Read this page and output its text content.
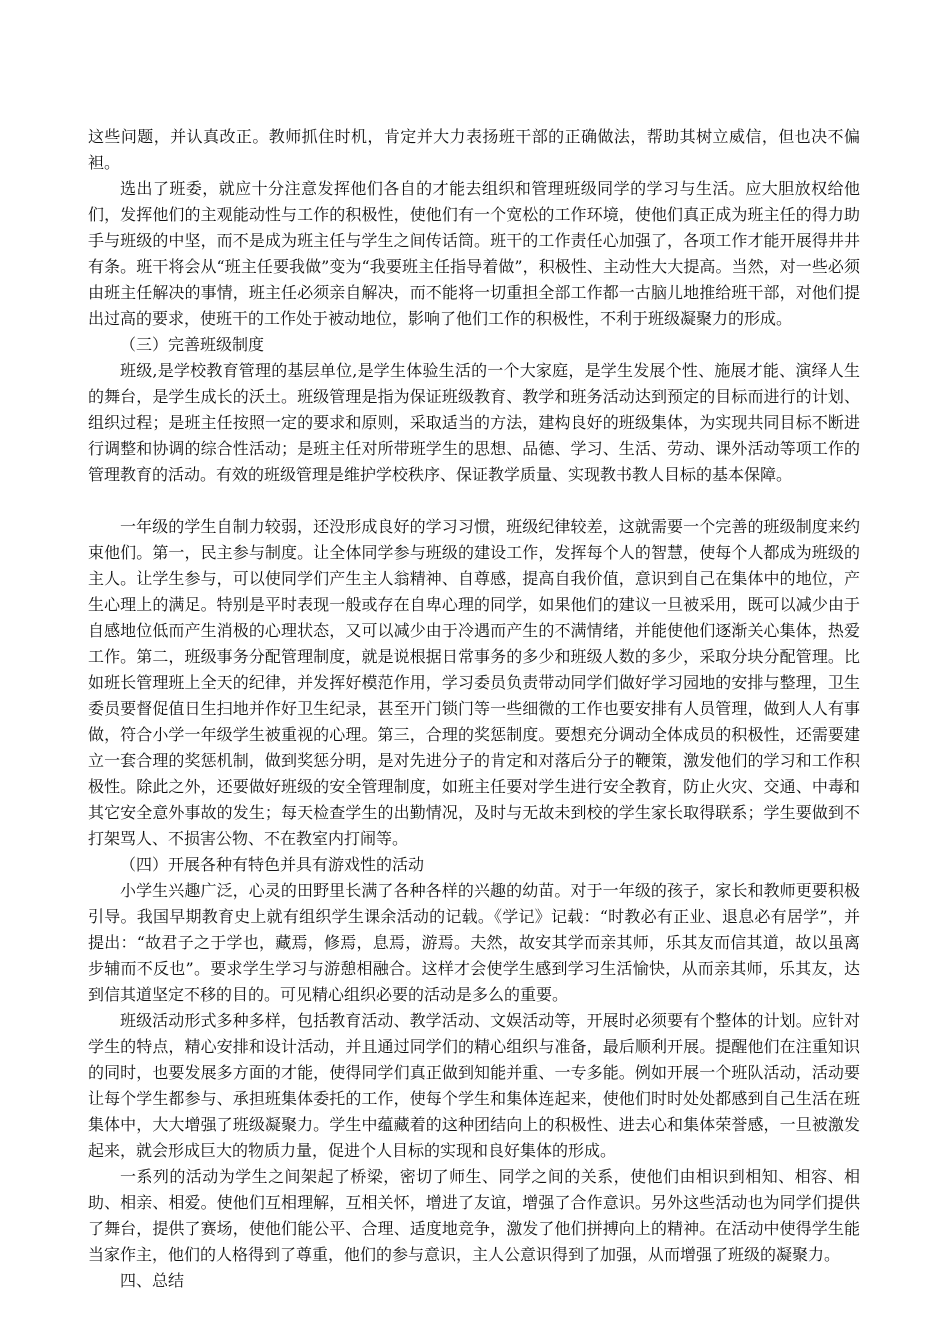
这些问题，并认真改正。教师抓住时机，肯定并大力表扬班干部的正确做法，帮助其树立威信，但也决不偏袒。

选出了班委，就应十分注意发挥他们各自的才能去组织和管理班级同学的学习与生活。应大胆放权给他们，发挥他们的主观能动性与工作的积极性，使他们有一个宽松的工作环境，使他们真正成为班主任的得力助手与班级的中坚，而不是成为班主任与学生之间传话筒。班干的工作责任心加强了，各项工作才能开展得井井有条。班干将会从“班主任要我做”变为“我要班主任指导着做”，积极性、主动性大大提高。当然，对一些必须由班主任解决的事情，班主任必须亲自解决，而不能将一切重担全部工作都一古脑儿地推给班干部，对他们提出过高的要求，使班干的工作处于被动地位，影响了他们工作的积极性，不利于班级凝聚力的形成。

（三）完善班级制度

班级,是学校教育管理的基层单位,是学生体验生活的一个大家庭，是学生发展个性、施展才能、演绎人生的舞台，是学生成长的沃土。班级管理是指为保证班级教育、教学和班务活动达到预定的目标而进行的计划、组织过程；是班主任按照一定的要求和原则，采取适当的方法，建构良好的班级集体，为实现共同目标不断进行调整和协调的综合性活动；是班主任对所带班学生的思想、品德、学习、生活、劳动、课外活动等项工作的管理教育的活动。有效的班级管理是维护学校秩序、保证教学质量、实现教书教人目标的基本保障。

一年级的学生自制力较弱，还没形成良好的学习习惯，班级纪律较差，这就需要一个完善的班级制度来约束他们。第一，民主参与制度。让全体同学参与班级的建设工作，发挥每个人的智慧，使每个人都成为班级的主人。让学生参与，可以使同学们产生主人翁精神、自尊感，提高自我价值，意识到自己在集体中的地位，产生心理上的满足。特别是平时表现一般或存在自卑心理的同学，如果他们的建议一旦被采用，既可以减少由于自感地位低而产生消极的心理状态，又可以减少由于冷遇而产生的不满情绪，并能使他们逐渐关心集体，热爱工作。第二，班级事务分配管理制度，就是说根据日常事务的多少和班级人数的多少，采取分块分配管理。比如班长管理班上全天的纪律，并发挥好模范作用，学习委员负责带动同学们做好学习园地的安排与整理，卫生委员要督促值日生扫地并作好卫生纪录，甚至开门锁门等一些细微的工作也要安排有人员管理，做到人人有事做，符合小学一年级学生被重视的心理。第三，合理的奖惩制度。要想充分调动全体成员的积极性，还需要建立一套合理的奖惩机制，做到奖惩分明，是对先进分子的肯定和对落后分子的鞭策，激发他们的学习和工作积极性。除此之外，还要做好班级的安全管理制度，如班主任要对学生进行安全教育，防止火灾、交通、中毒和其它安全意外事故的发生；每天检查学生的出勤情况，及时与无故未到校的学生家长取得联系；学生要做到不打架骂人、不损害公物、不在教室内打闹等。

（四）开展各种有特色并具有游戏性的活动

小学生兴趣广泛，心灵的田野里长满了各种各样的兴趣的幼苗。对于一年级的孩子，家长和教师更要积极引导。我国早期教育史上就有组织学生课余活动的记载。《学记》记载：“时教必有正业、退息必有居学”，并提出：“故君子之于学也，藏焉，修焉，息焉，游焉。夫然，故安其学而亲其师，乐其友而信其道，故以虽离步辅而不反也”。要求学生学习与游憩相融合。这样才会使学生感到学习生活愉快，从而亲其师，乐其友，达到信其道坚定不移的目的。可见精心组织必要的活动是多么的重要。

班级活动形式多种多样，包括教育活动、教学活动、文娱活动等，开展时必须要有个整体的计划。应针对学生的特点，精心安排和设计活动，并且通过同学们的精心组织与准备，最后顺利开展。提醒他们在注重知识的同时，也要发展多方面的才能，使得同学们真正做到知能并重、一专多能。例如开展一个班队活动，活动要让每个学生都参与、承担班集体委托的工作，使每个学生和集体连起来，使他们时时处处都感到自己生活在班集体中，大大增强了班级凝聚力。学生中蕴藏着的这种团结向上的积极性、进去心和集体荣誉感，一旦被激发起来，就会形成巨大的物质力量，促进个人目标的实现和良好集体的形成。

一系列的活动为学生之间架起了桥梁，密切了师生、同学之间的关系，使他们由相识到相知、相容、相助、相亲、相爱。使他们互相理解，互相关怀，增进了友谊，增强了合作意识。另外这些活动也为同学们提供了舞台，提供了赛场，使他们能公平、合理、适度地竞争，激发了他们拼搏向上的精神。在活动中使得学生能当家作主，他们的人格得到了尊重，他们的参与意识，主人公意识得到了加强，从而增强了班级的凝聚力。

四、总结
